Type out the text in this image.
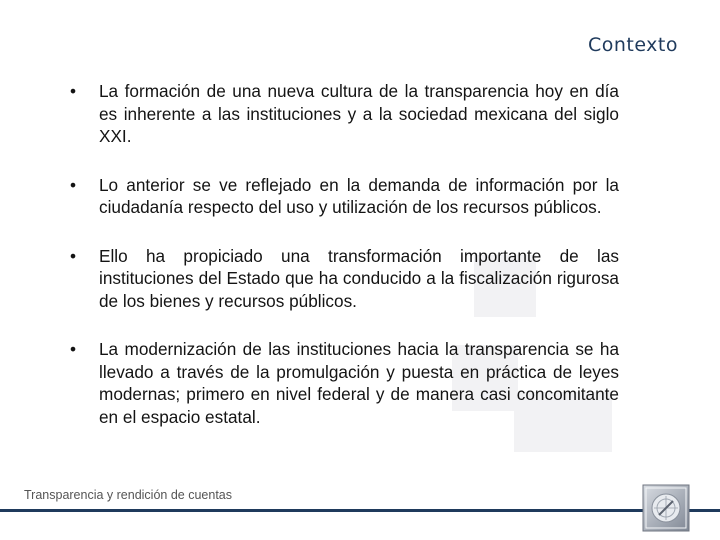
Contexto
• La formación de una nueva cultura de la transparencia hoy en día es inherente a las instituciones y a la sociedad mexicana del siglo XXI.
• Lo anterior se ve reflejado en la demanda de información por la ciudadanía respecto del uso y utilización de los recursos públicos.
• Ello ha propiciado una transformación importante de las instituciones del Estado que ha conducido a la fiscalización rigurosa de los bienes y recursos públicos.
• La modernización de las instituciones hacia la transparencia se ha llevado a través de la promulgación y puesta en práctica de leyes modernas; primero en nivel federal y de manera casi concomitante en el espacio estatal.
Transparencia y rendición de cuentas
